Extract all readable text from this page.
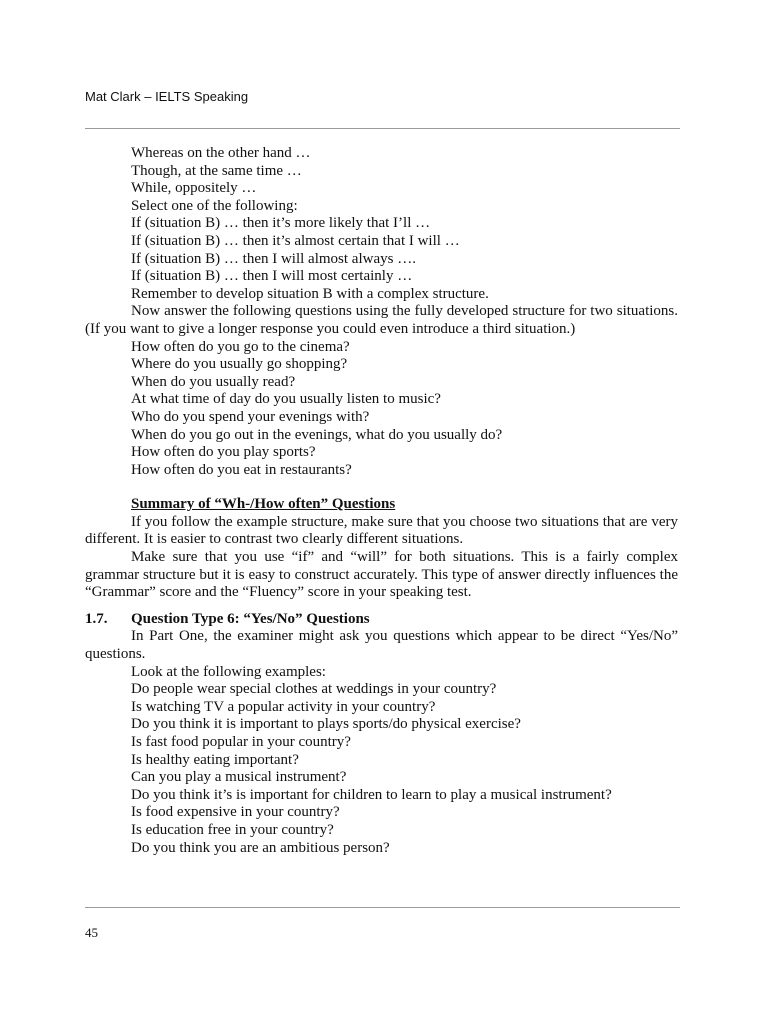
Mat Clark – IELTS Speaking
Whereas on the other hand …
Though, at the same time …
While, oppositely …
Select one of the following:
If (situation B) … then it’s more likely that I’ll …
If (situation B) … then it’s almost certain that I will …
If (situation B) … then I will almost always ….
If (situation B) … then I will most certainly …
Remember to develop situation B with a complex structure.
Now answer the following questions using the fully developed structure for two situations. (If you want to give a longer response you could even introduce a third situation.)
How often do you go to the cinema?
Where do you usually go shopping?
When do you usually read?
At what time of day do you usually listen to music?
Who do you spend your evenings with?
When do you go out in the evenings, what do you usually do?
How often do you play sports?
How often do you eat in restaurants?
Summary of “Wh-/How often” Questions
If you follow the example structure, make sure that you choose two situations that are very different. It is easier to contrast two clearly different situations.
Make sure that you use “if” and “will” for both situations. This is a fairly complex grammar structure but it is easy to construct accurately. This type of answer directly influences the “Grammar” score and the “Fluency” score in your speaking test.
1.7. Question Type 6: “Yes/No” Questions
In Part One, the examiner might ask you questions which appear to be direct “Yes/No” questions.
Look at the following examples:
Do people wear special clothes at weddings in your country?
Is watching TV a popular activity in your country?
Do you think it is important to plays sports/do physical exercise?
Is fast food popular in your country?
Is healthy eating important?
Can you play a musical instrument?
Do you think it’s is important for children to learn to play a musical instrument?
Is food expensive in your country?
Is education free in your country?
Do you think you are an ambitious person?
45
